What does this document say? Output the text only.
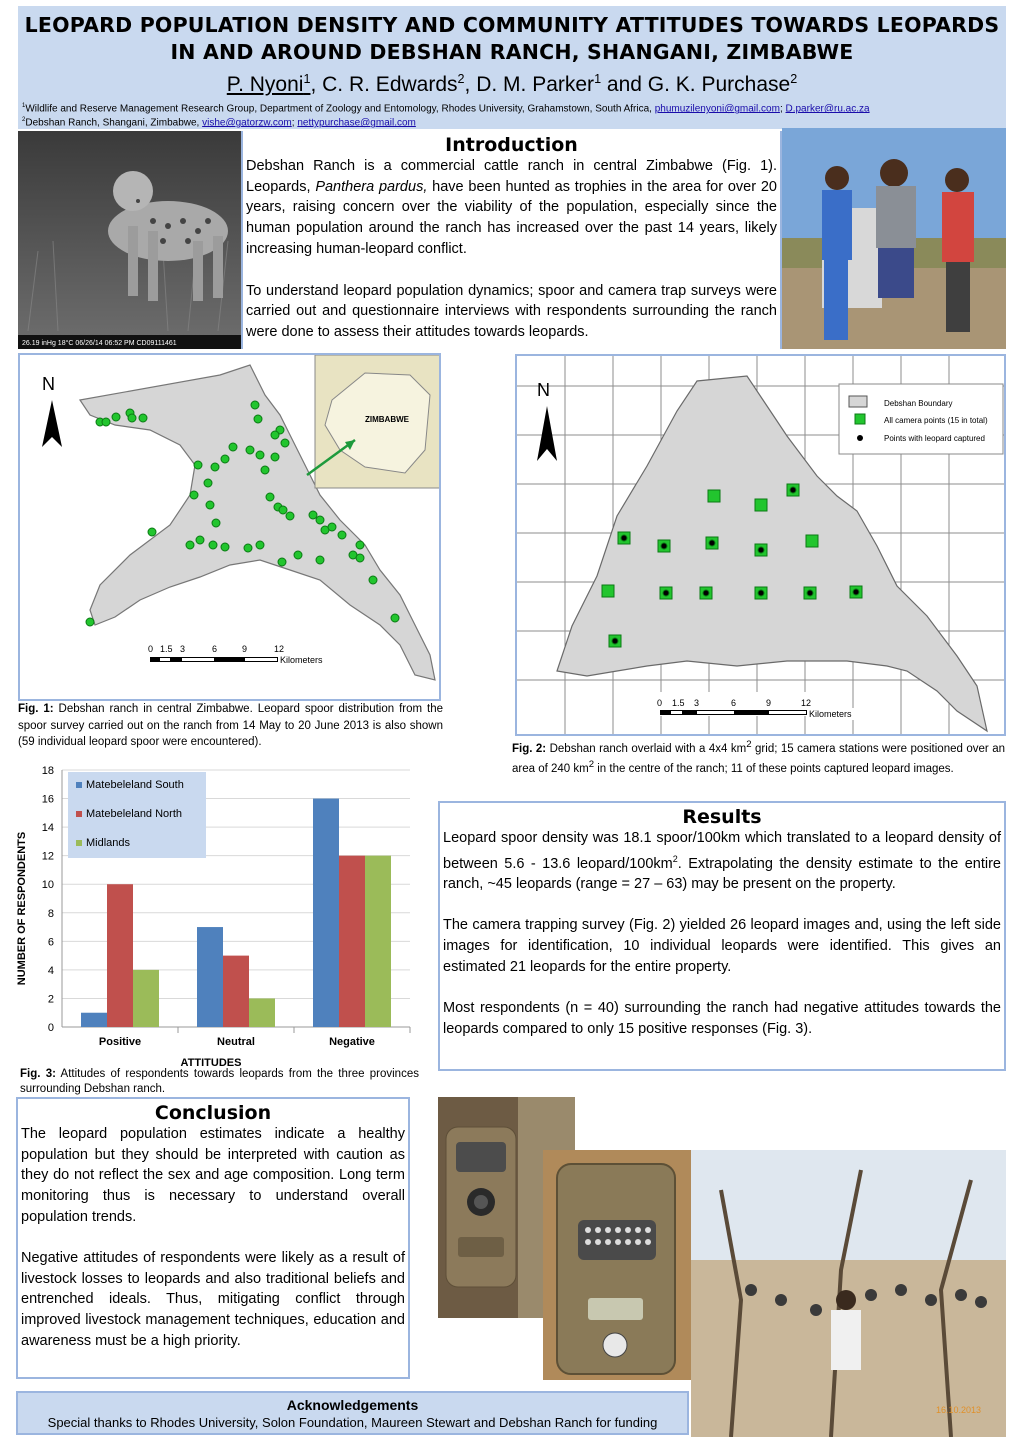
LEOPARD POPULATION DENSITY AND COMMUNITY ATTITUDES TOWARDS LEOPARDS IN AND AROUND DEBSHAN RANCH, SHANGANI, ZIMBABWE
P. Nyoni$^1$, C. R. Edwards$^2$, D. M. Parker$^1$ and G. K. Purchase$^2$
$^1$Wildlife and Reserve Management Research Group, Department of Zoology and Entomology, Rhodes University, Grahamstown, South Africa, phumuzilenyoni@gmail.com; D.parker@ru.ac.za
$^2$Debshan Ranch, Shangani, Zimbabwe, vishe@gatorzw.com; nettypurchase@gmail.com
26.19 inHg 18°C 06/26/14 06:52 PM CD09111461
Introduction
Debshan Ranch is a commercial cattle ranch in central Zimbabwe (Fig. 1). Leopards, Panthera pardus, have been hunted as trophies in the area for over 20 years, raising concern over the viability of the population, especially since the human population around the ranch has increased over the past 14 years, likely increasing human-leopard conflict.
To understand leopard population dynamics; spoor and camera trap surveys were carried out and questionnaire interviews with respondents surrounding the ranch were done to assess their attitudes towards leopards.
N
ZIMBABWE
0 1.5 3	6	9	12
Kilometers
Fig. 1: Debshan ranch in central Zimbabwe. Leopard spoor distribution from the spoor survey carried out on the ranch from 14 May to 20 June 2013 is also shown (59 individual leopard spoor were encountered).
N
Debshan Boundary
All camera points (15 in total)
Points with leopard captured
0 1.5 3	6	9	12
Kilometers
Fig. 2: Debshan ranch overlaid with a 4x4 $km^2$ grid; 15 camera stations were positioned over an area of 240 $km^2$ in the centre of the ranch; 11 of these points captured leopard images.
0
2
4
6
8
10
12
14
16
18
Positive	Neutral	Negative
ATTITUDES
NUMBER OF RESPONDENTS
Matebeleland South
Matebeleland North
Midlands
Fig. 3: Attitudes of respondents towards leopards from the three provinces surrounding Debshan ranch.
Results
Leopard spoor density was 18.1 spoor/100km which translated to a leopard density of between 5.6 - 13.6 leopard/$100km^2$. Extrapolating the density estimate to the entire ranch, ~45 leopards (range = 27 – 63) may be present on the property.
The camera trapping survey (Fig. 2) yielded 26 leopard images and, using the left side images for identification, 10 individual leopards were identified. This gives an estimated 21 leopards for the entire property.
Most respondents (n = 40) surrounding the ranch had negative attitudes towards the leopards compared to only 15 positive responses (Fig. 3).
Conclusion
The leopard population estimates indicate a healthy population but they should be interpreted with caution as they do not reflect the sex and age composition. Long term monitoring thus is necessary to understand overall population trends.
Negative attitudes of respondents were likely as a result of livestock losses to leopards and also traditional beliefs and entrenched ideals. Thus, mitigating conflict through improved livestock management techniques, education and awareness must be a high priority.
16.10.2013
Acknowledgements
Special thanks to Rhodes University, Solon Foundation, Maureen Stewart and Debshan Ranch for funding
